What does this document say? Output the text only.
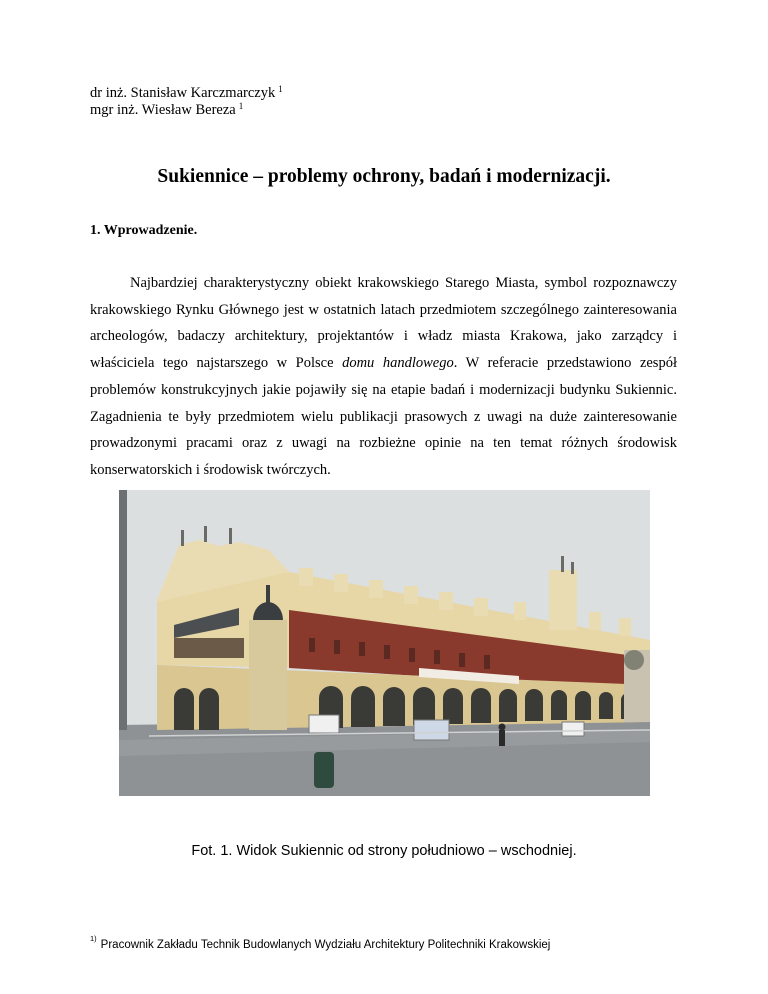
dr inż. Stanisław Karczmarczyk $^1$
mgr inż. Wiesław Bereza $^1$
Sukiennice – problemy ochrony, badań i modernizacji.
1. Wprowadzenie.

Najbardziej charakterystyczny obiekt krakowskiego Starego Miasta, symbol rozpoznawczy krakowskiego Rynku Głównego jest w ostatnich latach przedmiotem szczególnego zainteresowania archeologów, badaczy architektury, projektantów i władz miasta Krakowa, jako zarządcy i właściciela tego najstarszego w Polsce domu handlowego. W referacie przedstawiono zespół problemów konstrukcyjnych jakie pojawiły się na etapie badań i modernizacji budynku Sukiennic. Zagadnienia te były przedmiotem wielu publikacji prasowych z uwagi na duże zainteresowanie prowadzonymi pracami oraz z uwagi na rozbieżne opinie na ten temat różnych środowisk konserwatorskich i środowisk twórczych.

Fot. 1. Widok Sukiennic od strony południowo – wschodniej.
$^{1)}$Pracownik Zakładu Technik Budowlanych Wydziału Architektury Politechniki Krakowskiej
